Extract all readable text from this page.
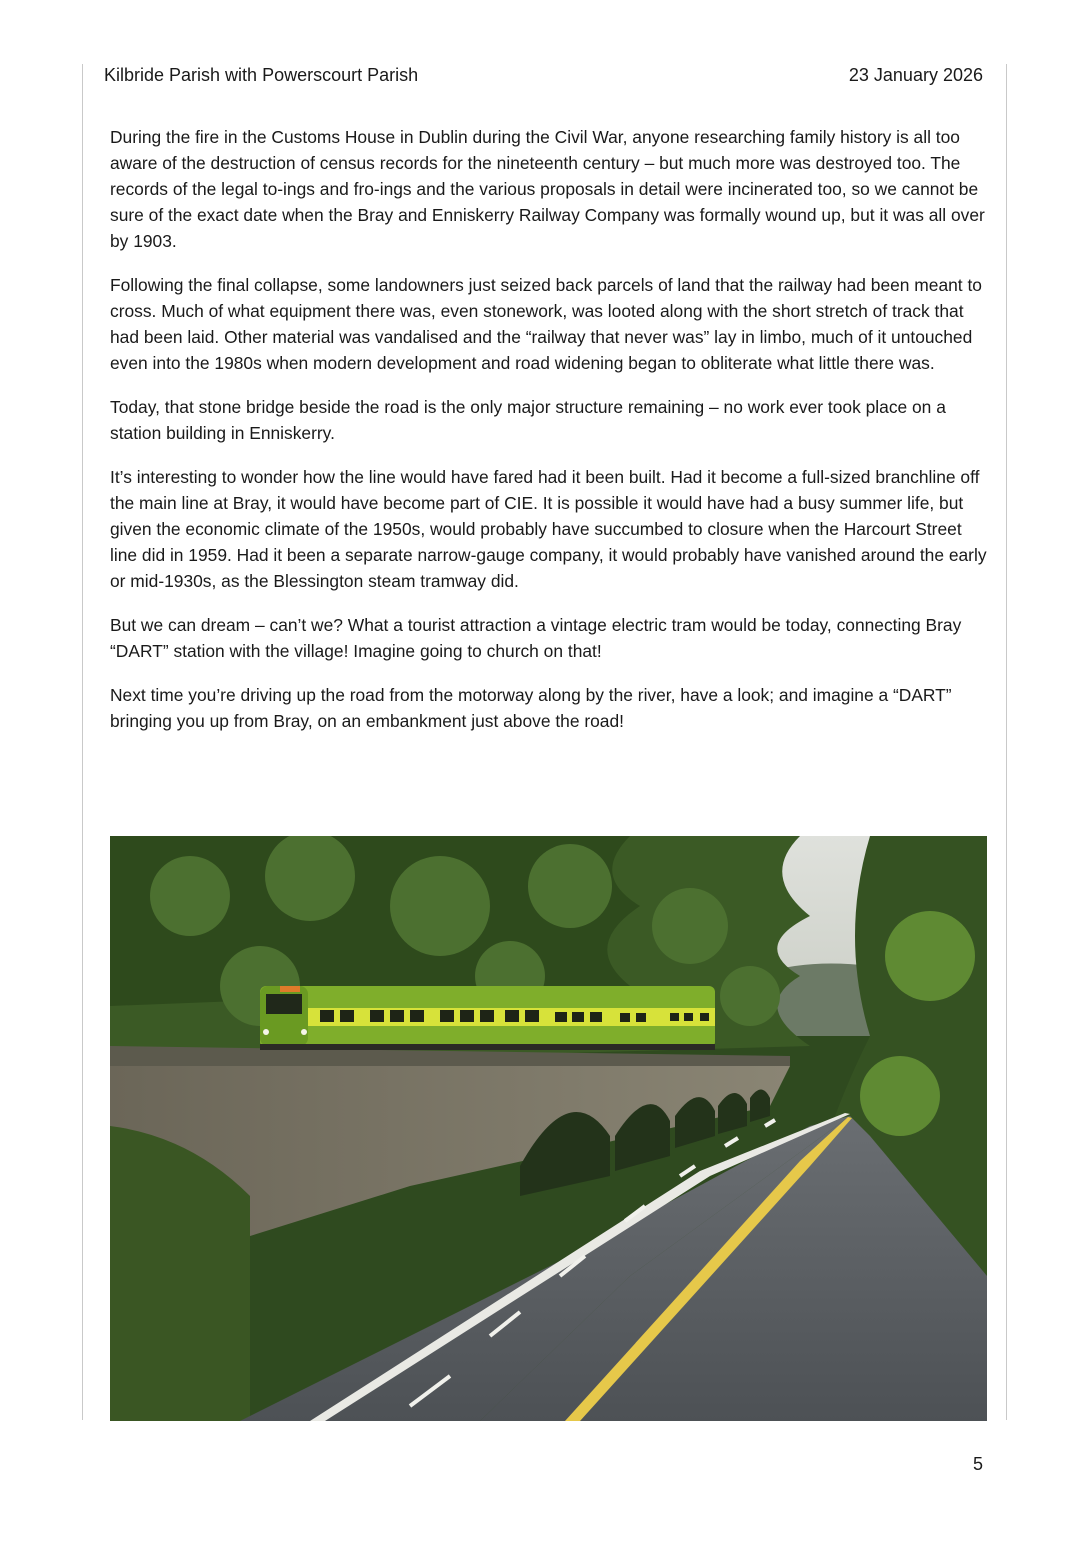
Kilbride Parish with Powerscourt Parish	23 January 2026

During the fire in the Customs House in Dublin during the Civil War, anyone researching family history is all too aware of the destruction of census records for the nineteenth century – but much more was destroyed too. The records of the legal to-ings and fro-ings and the various proposals in detail were incinerated too, so we cannot be sure of the exact date when the Bray and Enniskerry Railway Company was formally wound up, but it was all over by 1903.

Following the final collapse, some landowners just seized back parcels of land that the railway had been meant to cross. Much of what equipment there was, even stonework, was looted along with the short stretch of track that had been laid. Other material was vandalised and the “railway that never was” lay in limbo, much of it untouched even into the 1980s when modern development and road widening began to obliterate what little there was.

Today, that stone bridge beside the road is the only major structure remaining – no work ever took place on a station building in Enniskerry.

It’s interesting to wonder how the line would have fared had it been built. Had it become a full-sized branchline off the main line at Bray, it would have become part of CIE. It is possible it would have had a busy summer life, but given the economic climate of the 1950s, would probably have succumbed to closure when the Harcourt Street line did in 1959. Had it been a separate narrow-gauge company, it would probably have vanished around the early or mid-1930s, as the Blessington steam tramway did.

But we can dream – can’t we? What a tourist attraction a vintage electric tram would be today, connecting Bray “DART” station with the village! Imagine going to church on that!

Next time you’re driving up the road from the motorway along by the river, have a look; and imagine a “DART” bringing you up from Bray, on an embankment just above the road!

5
